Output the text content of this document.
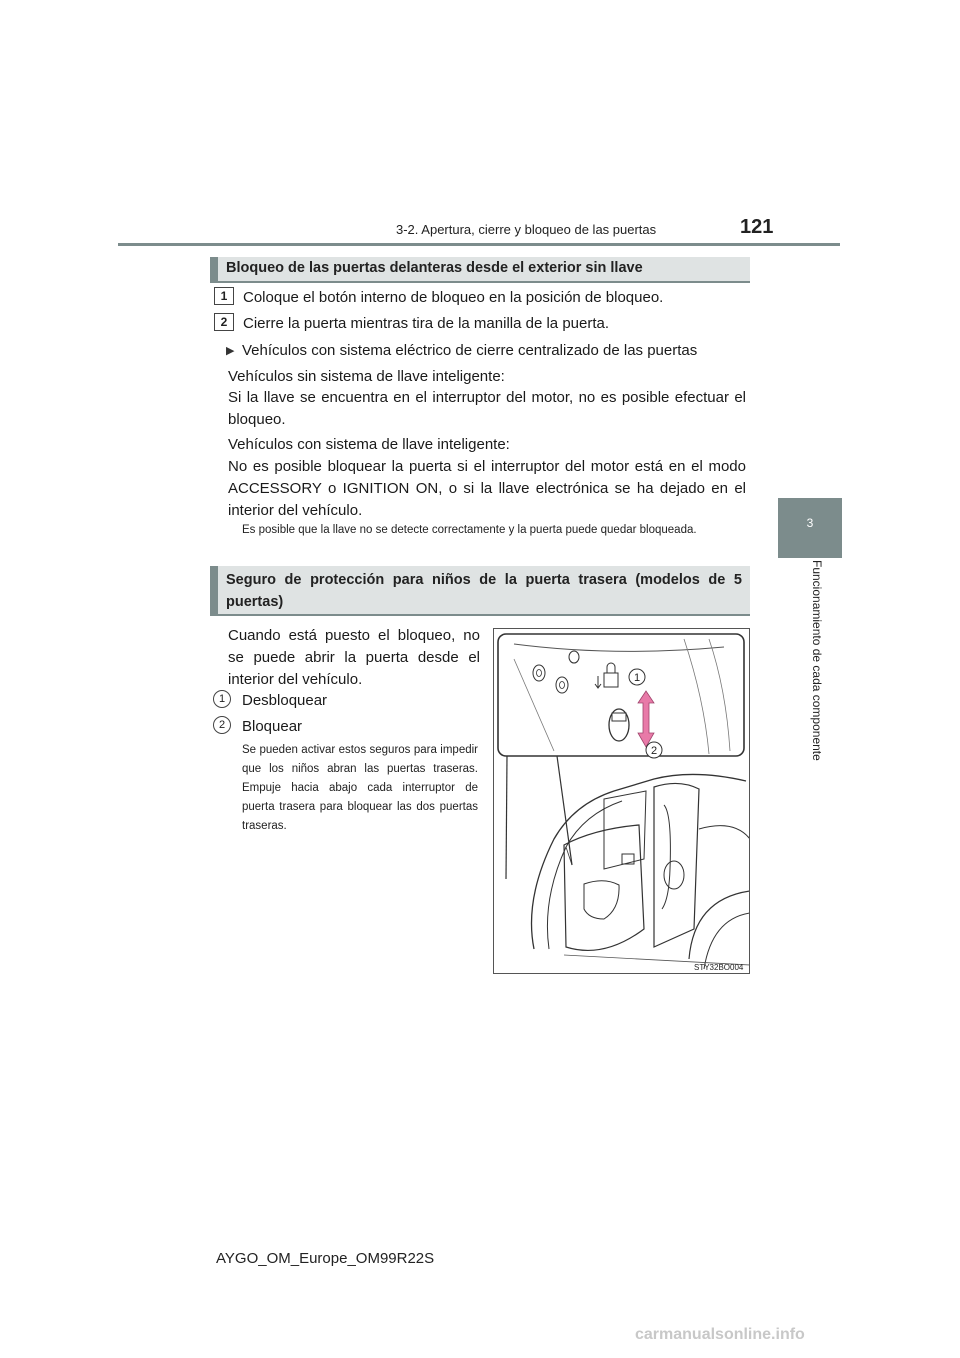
3-2. Apertura, cierre y bloqueo de las puertas	121
3
Funcionamiento de cada componente
Bloqueo de las puertas delanteras desde el exterior sin llave
1	Coloque el botón interno de bloqueo en la posición de bloqueo.
2	Cierre la puerta mientras tira de la manilla de la puerta.
▶ Vehículos con sistema eléctrico de cierre centralizado de las puertas
Vehículos sin sistema de llave inteligente:
Si la llave se encuentra en el interruptor del motor, no es posible efectuar el bloqueo.
Vehículos con sistema de llave inteligente:
No es posible bloquear la puerta si el interruptor del motor está en el modo ACCESSORY o IGNITION ON, o si la llave electrónica se ha dejado en el interior del vehículo.
Es posible que la llave no se detecte correctamente y la puerta puede quedar bloqueada.
Seguro de protección para niños de la puerta trasera (modelos de 5 puertas)
Cuando está puesto el bloqueo, no se puede abrir la puerta desde el interior del vehículo.
1	Desbloquear
2	Bloquear
Se pueden activar estos seguros para impedir que los niños abran las puertas traseras. Empuje hacia abajo cada interruptor de puerta trasera para bloquear las dos puertas traseras.
1
2
STY32BO004
AYGO_OM_Europe_OM99R22S
carmanualsonline.info
